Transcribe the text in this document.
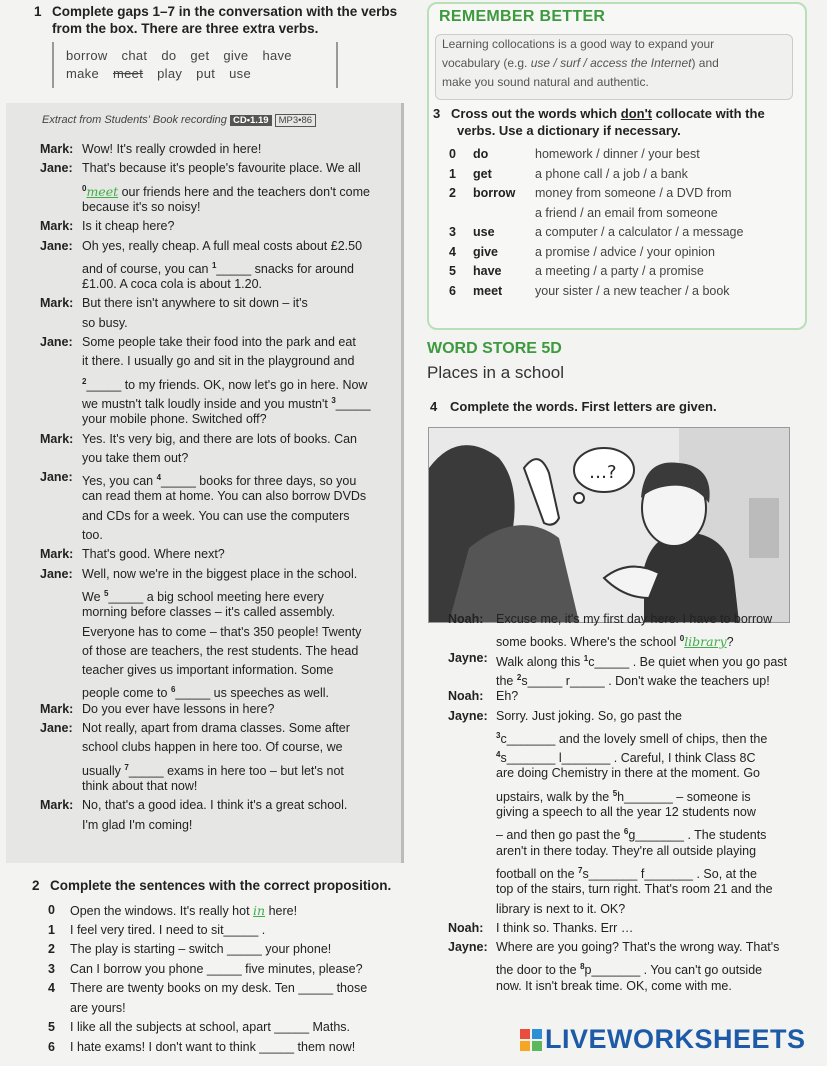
1 Complete gaps 1–7 in the conversation with the verbs
from the box. There are three extra verbs.
borrow chat do get give have
make meet play put use
Extract from Students' Book recording CD•1.19 MP3•86
Mark: Wow! It's really crowded in here!
Jane: That's because it's people's favourite place. We all
$^0$meet our friends here and the teachers don't come
because it's so noisy!
Mark: Is it cheap here?
Jane: Oh yes, really cheap. A full meal costs about £2.50
and of course, you can $^1$_____ snacks for around
£1.00. A coca cola is about 1.20.
Mark: But there isn't anywhere to sit down – it's
so busy.
Jane: Some people take their food into the park and eat
it there. I usually go and sit in the playground and
$^2$_____ to my friends. OK, now let's go in here. Now
we mustn't talk loudly inside and you mustn't $^3$_____
your mobile phone. Switched off?
Mark: Yes. It's very big, and there are lots of books. Can
you take them out?
Jane: Yes, you can $^4$_____ books for three days, so you
can read them at home. You can also borrow DVDs
and CDs for a week. You can use the computers
too.
Mark: That's good. Where next?
Jane: Well, now we're in the biggest place in the school.
We $^5$_____ a big school meeting here every
morning before classes – it's called assembly.
Everyone has to come – that's 350 people! Twenty
of those are teachers, the rest students. The head
teacher gives us important information. Some
people come to $^6$_____ us speeches as well.
Mark: Do you ever have lessons in here?
Jane: Not really, apart from drama classes. Some after
school clubs happen in here too. Of course, we
usually $^7$_____ exams in here too – but let's not
think about that now!
Mark: No, that's a good idea. I think it's a great school.
I'm glad I'm coming!
2 Complete the sentences with the correct proposition.
0	Open the windows. It's really hot in here!
1	I feel very tired. I need to sit_____ .
2	The play is starting – switch _____ your phone!
3	Can I borrow you phone _____ five minutes, please?
4	There are twenty books on my desk. Ten _____ those
are yours!
5	I like all the subjects at school, apart _____ Maths.
6	I hate exams! I don't want to think _____ them now!
REMEMBER BETTER
Learning collocations is a good way to expand your
vocabulary (e.g. use / surf / access the Internet) and
make you sound natural and authentic.
3 Cross out the words which don't collocate with the
verbs. Use a dictionary if necessary.
0 do	homework / dinner / your best
1 get	a phone call / a job / a bank
2 borrow money from someone / a DVD from
a friend / an email from someone
3 use	a computer / a calculator / a message
4 give	a promise / advice / your opinion
5 have	a meeting / a party / a promise
6 meet	your sister / a new teacher / a book
WORD STORE 5D
Places in a school
4 Complete the words. First letters are given.
…?
Noah:	Excuse me, it's my first day here. I have to borrow
some books. Where's the school $^0$library?
Jayne: Walk along this $^1$c_____ . Be quiet when you go past
the $^2$s_____ r_____ . Don't wake the teachers up!
Noah:	Eh?
Jayne: Sorry. Just joking. So, go past the
$^3$c_______ and the lovely smell of chips, then the
$^4$s_______ l_______ . Careful, I think Class 8C
are doing Chemistry in there at the moment. Go
upstairs, walk by the $^5$h_______ – someone is
giving a speech to all the year 12 students now
– and then go past the $^6$g_______ . The students
aren't in there today. They're all outside playing
football on the $^7$s_______ f_______ . So, at the
top of the stairs, turn right. That's room 21 and the
library is next to it. OK?
Noah:	I think so. Thanks. Err …
Jayne: Where are you going? That's the wrong way. That's
the door to the $^8$p_______ . You can't go outside
now. It isn't break time. OK, come with me.
LIVEWORKSHEETS
